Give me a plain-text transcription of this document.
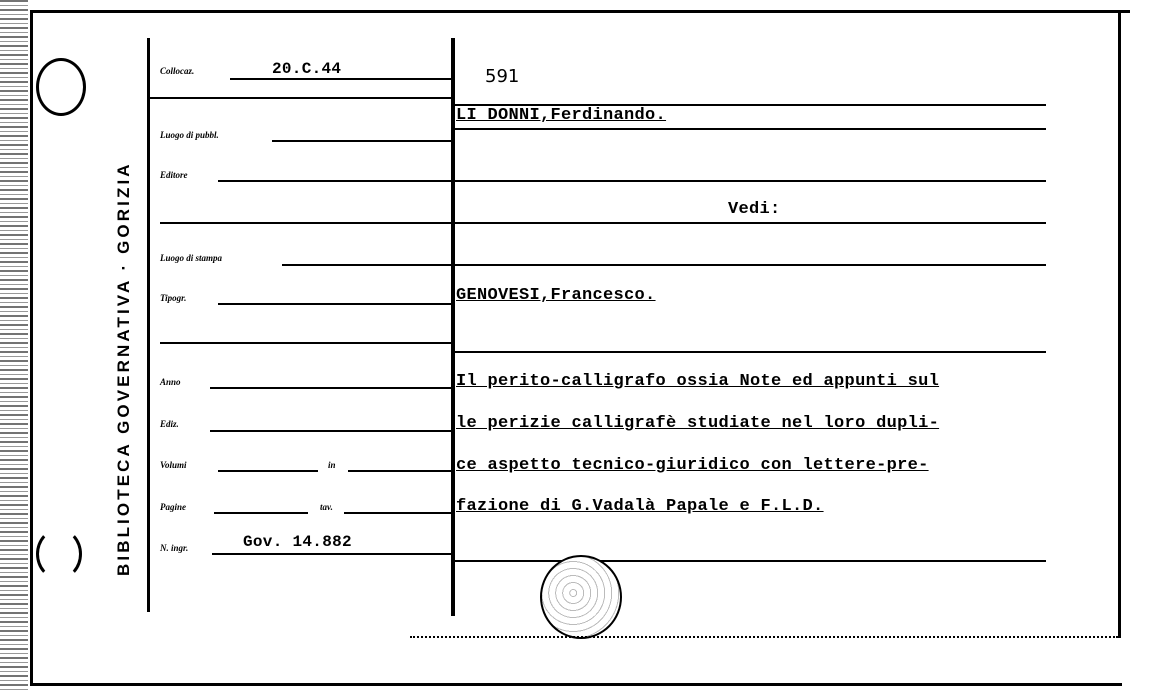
BIBLIOTECA GOVERNATIVA · GORIZIA
Collocaz.	20.C.44
Luogo di pubbl.
Editore
Luogo di stampa
Tipogr.
Anno
Ediz.
Volumi	in
Pagine	tav.
N. ingr.	Gov. 14.882
591
LI DONNI,Ferdinando.
Vedi:
GENOVESI,Francesco.
Il perito-calligrafo ossia Note ed appunti sul
le perizie calligrafè studiate nel loro dupli-
ce aspetto tecnico-giuridico con lettere-pre-
fazione di G.Vadalà Papale e F.L.D.
